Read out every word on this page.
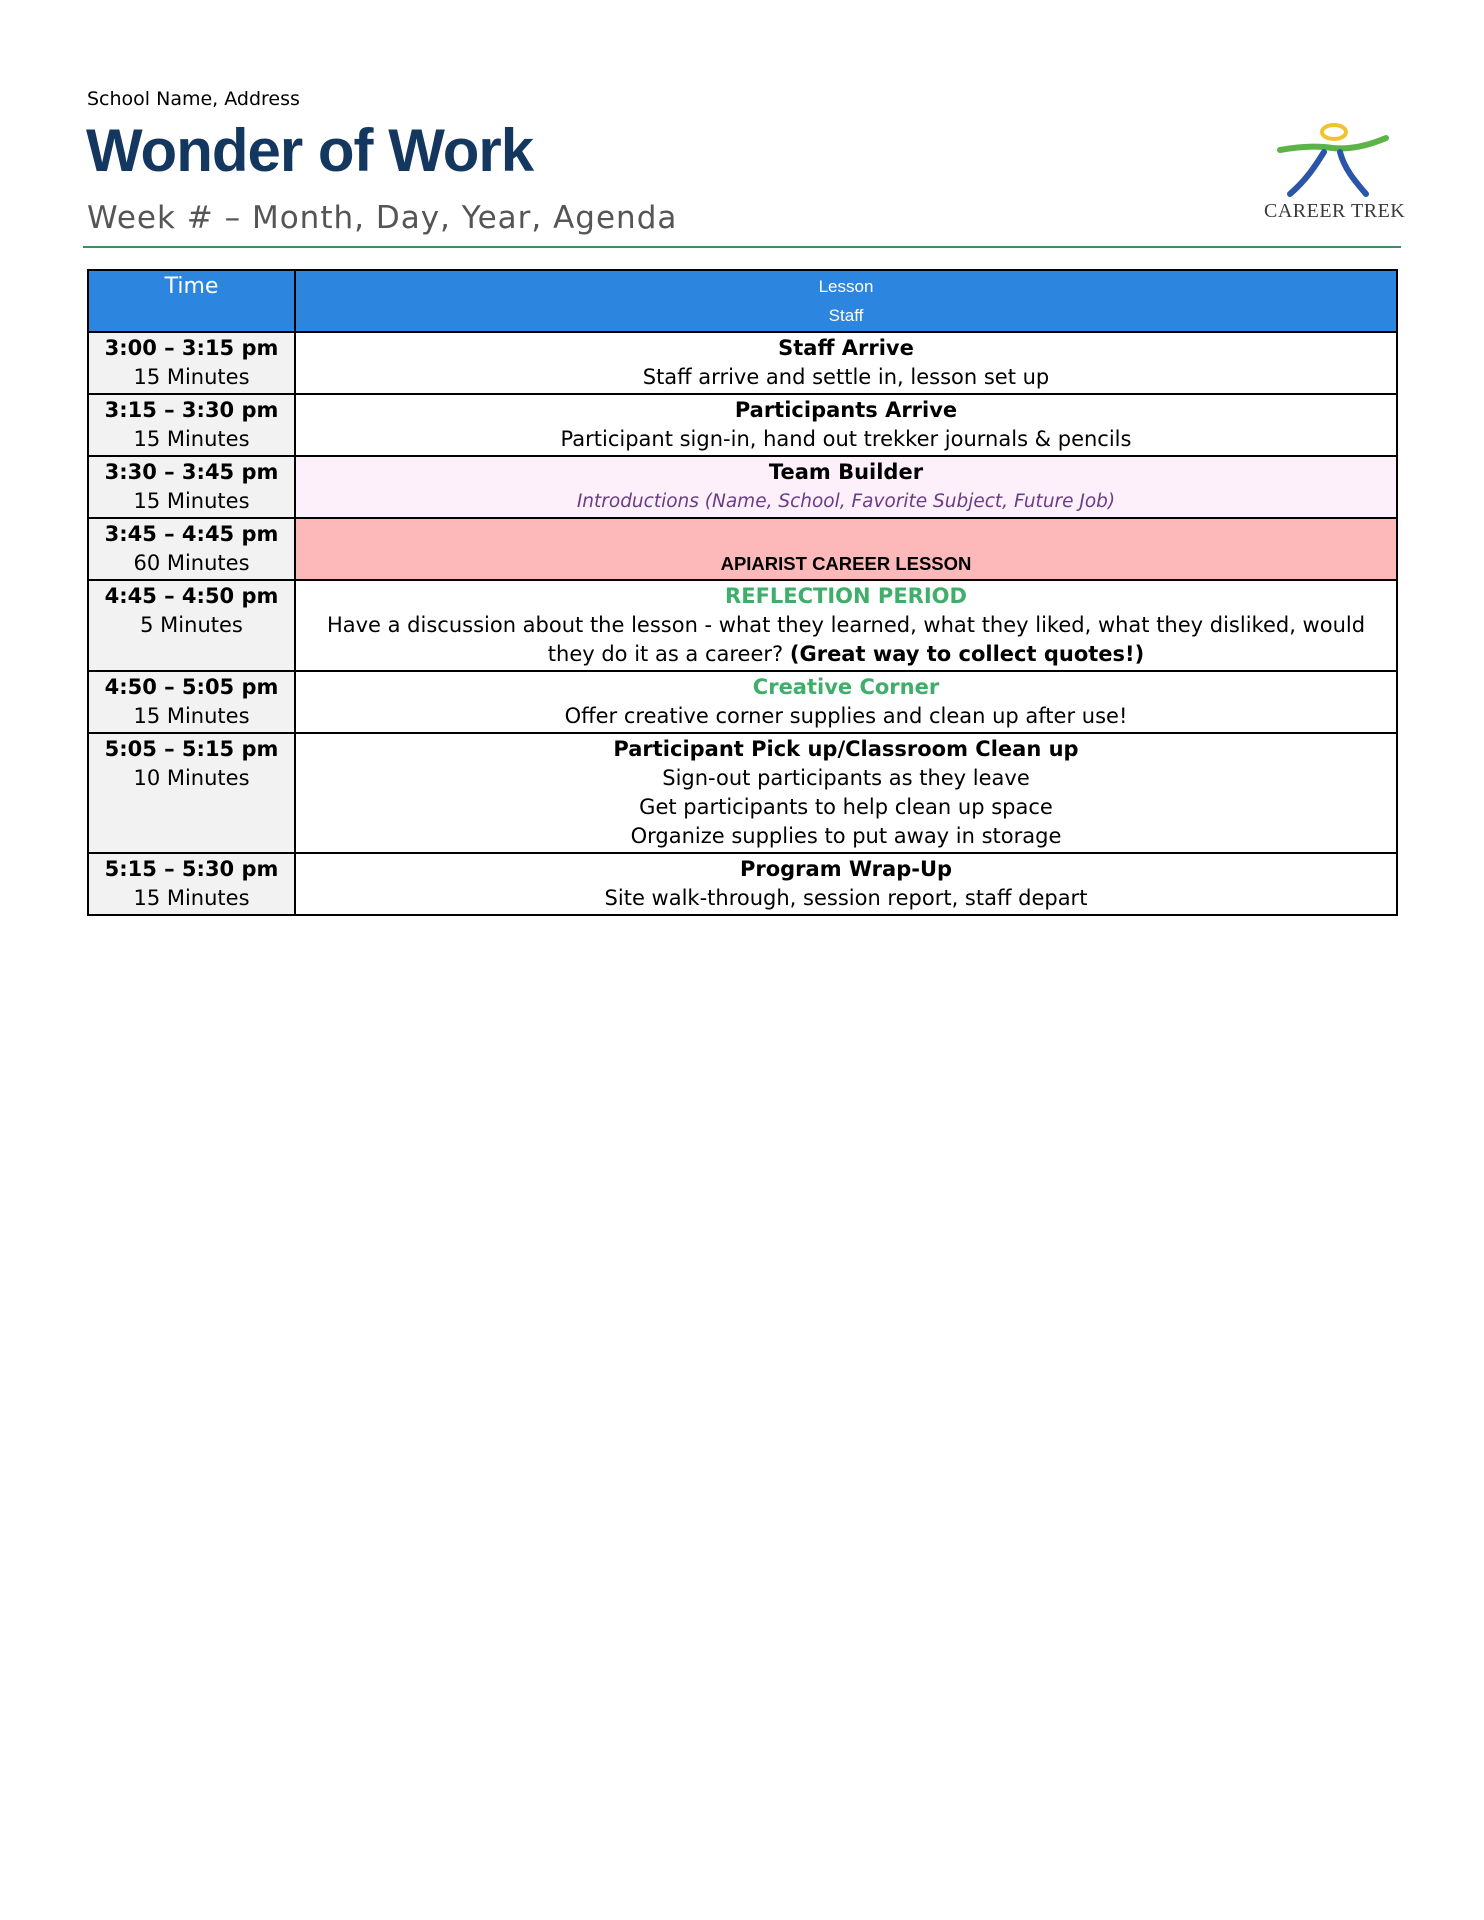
School Name, Address
Wonder of Work
Week # – Month, Day, Year, Agenda	CAREER TREK
Time	Lesson
Staff

3:00 – 3:15 pm
15 Minutes	Staff Arrive
Staff arrive and settle in, lesson set up

3:15 – 3:30 pm
15 Minutes	Participants Arrive
Participant sign-in, hand out trekker journals & pencils

3:30 – 3:45 pm
15 Minutes	Team Builder
Introductions (Name, School, Favorite Subject, Future Job)

3:45 – 4:45 pm
60 Minutes	APIARIST CAREER LESSON

4:45 – 4:50 pm
5 Minutes	REFLECTION PERIOD
Have a discussion about the lesson - what they learned, what they liked, what they disliked, would they do it as a career? (Great way to collect quotes!)

4:50 – 5:05 pm
15 Minutes	Creative Corner
Offer creative corner supplies and clean up after use!

5:05 – 5:15 pm
10 Minutes	Participant Pick up/Classroom Clean up
Sign-out participants as they leave
Get participants to help clean up space
Organize supplies to put away in storage

5:15 – 5:30 pm
15 Minutes	Program Wrap-Up
Site walk-through, session report, staff depart
